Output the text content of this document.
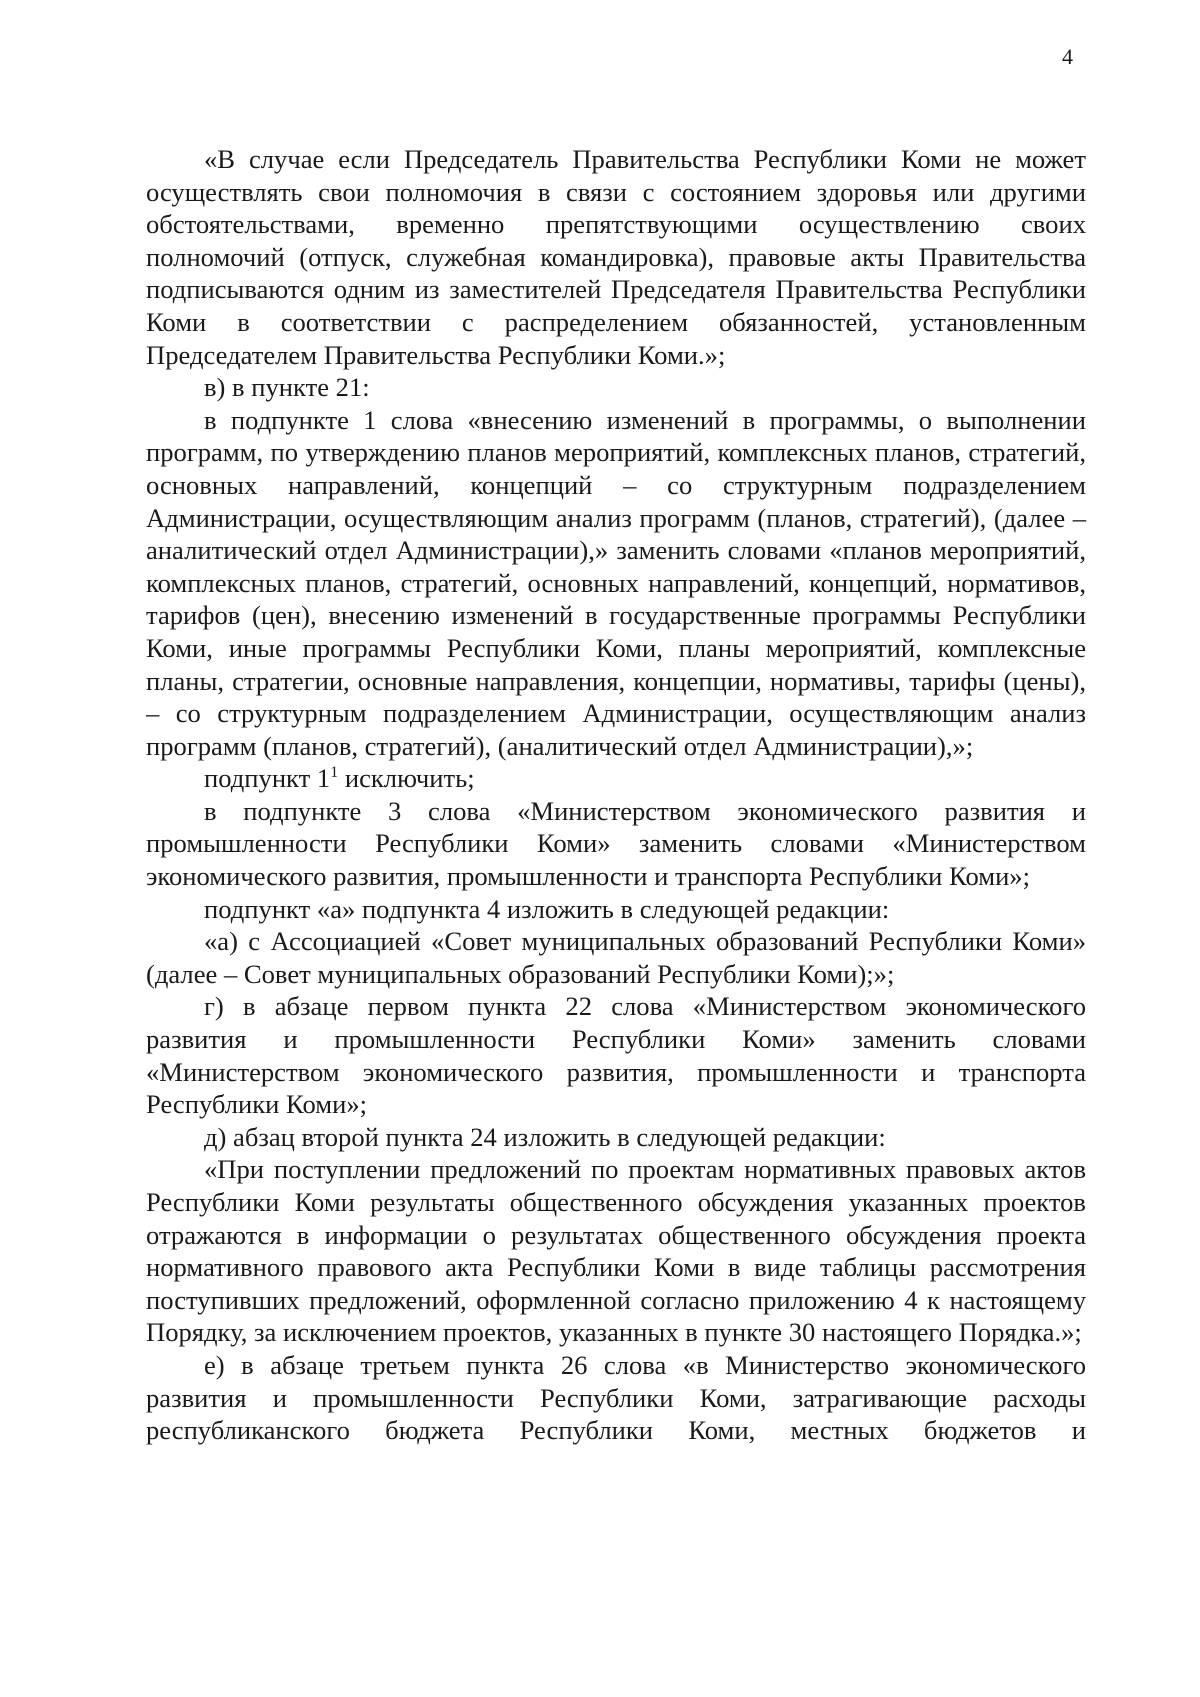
4

«В случае если Председатель Правительства Республики Коми не может осуществлять свои полномочия в связи с состоянием здоровья или другими обстоятельствами, временно препятствующими осуществлению своих полномочий (отпуск, служебная командировка), правовые акты Правительства подписываются одним из заместителей Председателя Правительства Республики Коми в соответствии с распределением обязанностей, установленным Председателем Правительства Республики Коми.»;

в) в пункте 21:

в подпункте 1 слова «внесению изменений в программы, о выполнении программ, по утверждению планов мероприятий, комплексных планов, стратегий, основных направлений, концепций – со структурным подразделением Администрации, осуществляющим анализ программ (планов, стратегий), (далее – аналитический отдел Администрации),» заменить словами «планов мероприятий, комплексных планов, стратегий, основных направлений, концепций, нормативов, тарифов (цен), внесению изменений в государственные программы Республики Коми, иные программы Республики Коми, планы мероприятий, комплексные планы, стратегии, основные направления, концепции, нормативы, тарифы (цены), – со структурным подразделением Администрации, осуществляющим анализ программ (планов, стратегий), (аналитический отдел Администрации),»;

подпункт $1^1$ исключить;

в подпункте 3 слова «Министерством экономического развития и промышленности Республики Коми» заменить словами «Министерством экономического развития, промышленности и транспорта Республики Коми»;

подпункт «а» подпункта 4 изложить в следующей редакции:

«а) с Ассоциацией «Совет муниципальных образований Республики Коми» (далее – Совет муниципальных образований Республики Коми);»;

г) в абзаце первом пункта 22 слова «Министерством экономического развития и промышленности Республики Коми» заменить словами «Министерством экономического развития, промышленности и транспорта Республики Коми»;

д) абзац второй пункта 24 изложить в следующей редакции:

«При поступлении предложений по проектам нормативных правовых актов Республики Коми результаты общественного обсуждения указанных проектов отражаются в информации о результатах общественного обсуждения проекта нормативного правового акта Республики Коми в виде таблицы рассмотрения поступивших предложений, оформленной согласно приложению 4 к настоящему Порядку, за исключением проектов, указанных в пункте 30 настоящего Порядка.»;

е) в абзаце третьем пункта 26 слова «в Министерство экономического развития и промышленности Республики Коми, затрагивающие расходы республиканского бюджета Республики Коми, местных бюджетов и
